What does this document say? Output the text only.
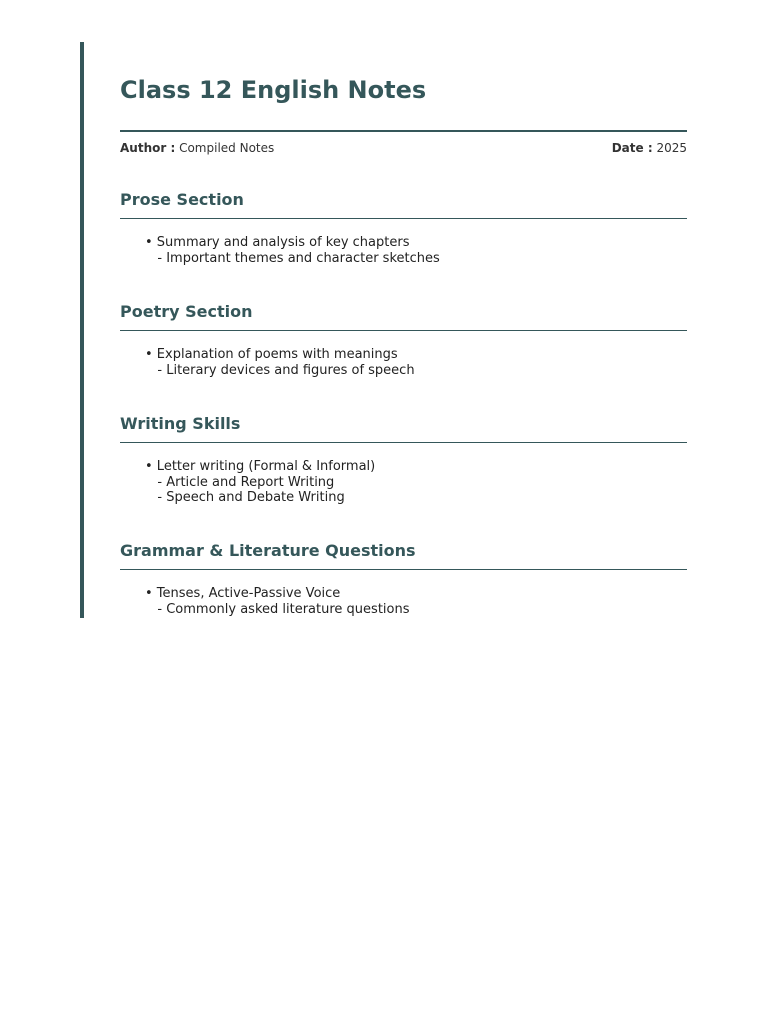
Class 12 English Notes
Author : Compiled Notes	Date : 2025
Prose Section
• Summary and analysis of key chapters
- Important themes and character sketches
Poetry Section
• Explanation of poems with meanings
- Literary devices and figures of speech
Writing Skills
• Letter writing (Formal & Informal)
- Article and Report Writing
- Speech and Debate Writing
Grammar & Literature Questions
• Tenses, Active-Passive Voice
- Commonly asked literature questions
